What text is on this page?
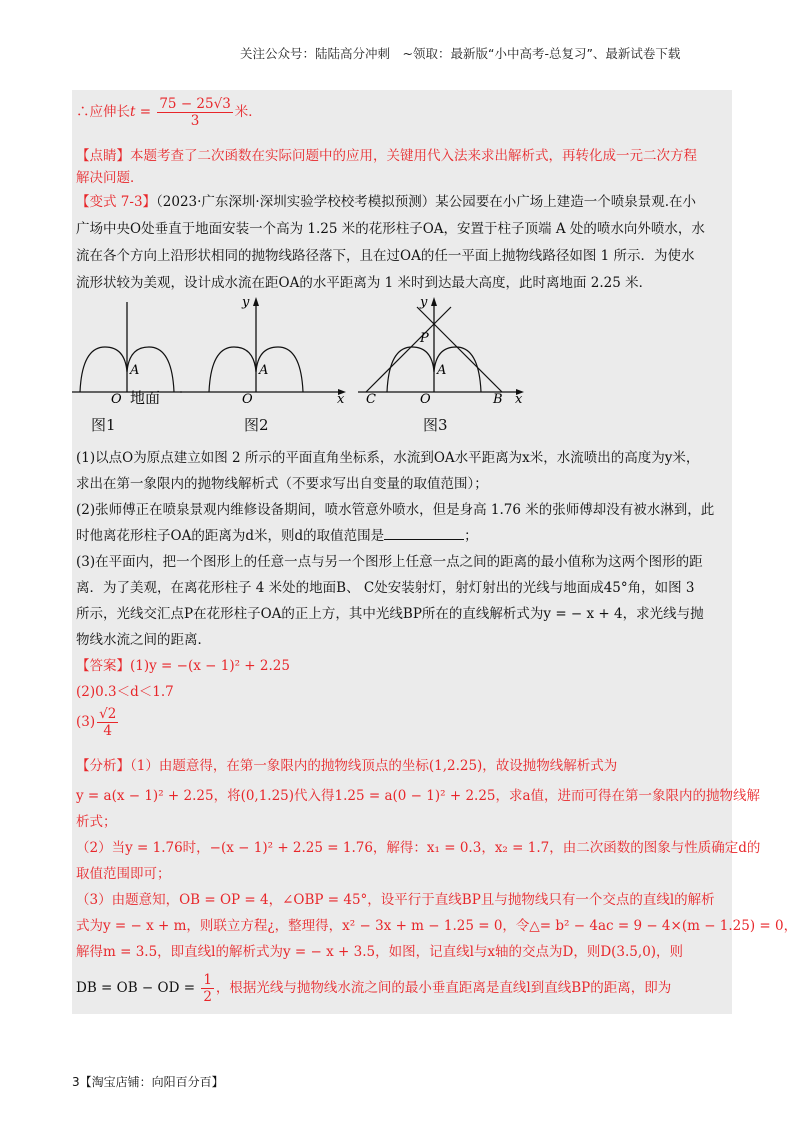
关注公众号：陆陆高分冲刺　~领取：最新版“小中高考-总复习”、最新试卷下载
∴应伸长$t = \frac{75 - 25√3}{3}$ 米．
【点睛】本题考查了二次函数在实际问题中的应用，关键用代入法来求出解析式，再转化成一元二次方程
解决问题．
【变式 7-3】（2023·广东深圳·深圳实验学校校考模拟预测）某公园要在小广场上建造一个喷泉景观.在小
广场中央O处垂直于地面安装一个高为 1.25 米的花形柱子OA，安置于柱子顶端 A 处的喷水向外喷水，水
流在各个方向上沿形状相同的抛物线路径落下，且在过OA的任一平面上抛物线路径如图 1 所示．为使水
流形状较为美观，设计成水流在距OA的水平距离为 1 米时到达最大高度，此时离地面 2.25 米．
A
O 地面
y
A
O	x
y
P
A
O
C	B x
图1	图2	图3
(1)以点O为原点建立如图 2 所示的平面直角坐标系，水流到OA水平距离为x米，水流喷出的高度为y米，
求出在第一象限内的抛物线解析式（不要求写出自变量的取值范围）；
(2)张师傅正在喷泉景观内维修设备期间，喷水管意外喷水，但是身高 1.76 米的张师傅却没有被水淋到，此
时他离花形柱子OA的距离为d米，则d的取值范围是	；
(3)在平面内，把一个图形上的任意一点与另一个图形上任意一点之间的距离的最小值称为这两个图形的距
离．为了美观，在离花形柱子 4 米处的地面B、 C处安装射灯，射灯射出的光线与地面成45°角，如图 3
所示，光线交汇点P在花形柱子OA的正上方，其中光线BP所在的直线解析式为y = − x + 4，求光线与抛
物线水流之间的距离．
【答案】(1)y = −(x − 1)² + 2.25
(2)0.3＜d＜1.7
$(3) \frac{√2}{4}$
【分析】（1）由题意得，在第一象限内的抛物线顶点的坐标(1,2.25)，故设抛物线解析式为
y = a(x − 1)² + 2.25，将(0,1.25)代入得1.25 = a(0 − 1)² + 2.25，求a值，进而可得在第一象限内的抛物线解
析式；
（2）当y = 1.76时，−(x − 1)² + 2.25 = 1.76，解得：x₁ = 0.3，x₂ = 1.7，由二次函数的图象与性质确定d的
取值范围即可；
（3）由题意知，OB = OP = 4，∠OBP = 45°，设平行于直线BP且与抛物线只有一个交点的直线l的解析
式为y = − x + m，则联立方程¿，整理得，x² − 3x + m − 1.25 = 0，令△= b² − 4ac = 9 − 4×(m − 1.25) = 0，
解得m = 3.5，即直线l的解析式为y = − x + 3.5，如图，记直线l与x轴的交点为D，则D(3.5,0)，则
DB = OB − OD = $\frac{1}{2}$ ，根据光线与抛物线水流之间的最小垂直距离是直线l到直线BP的距离，即为
3【淘宝店铺：向阳百分百】
